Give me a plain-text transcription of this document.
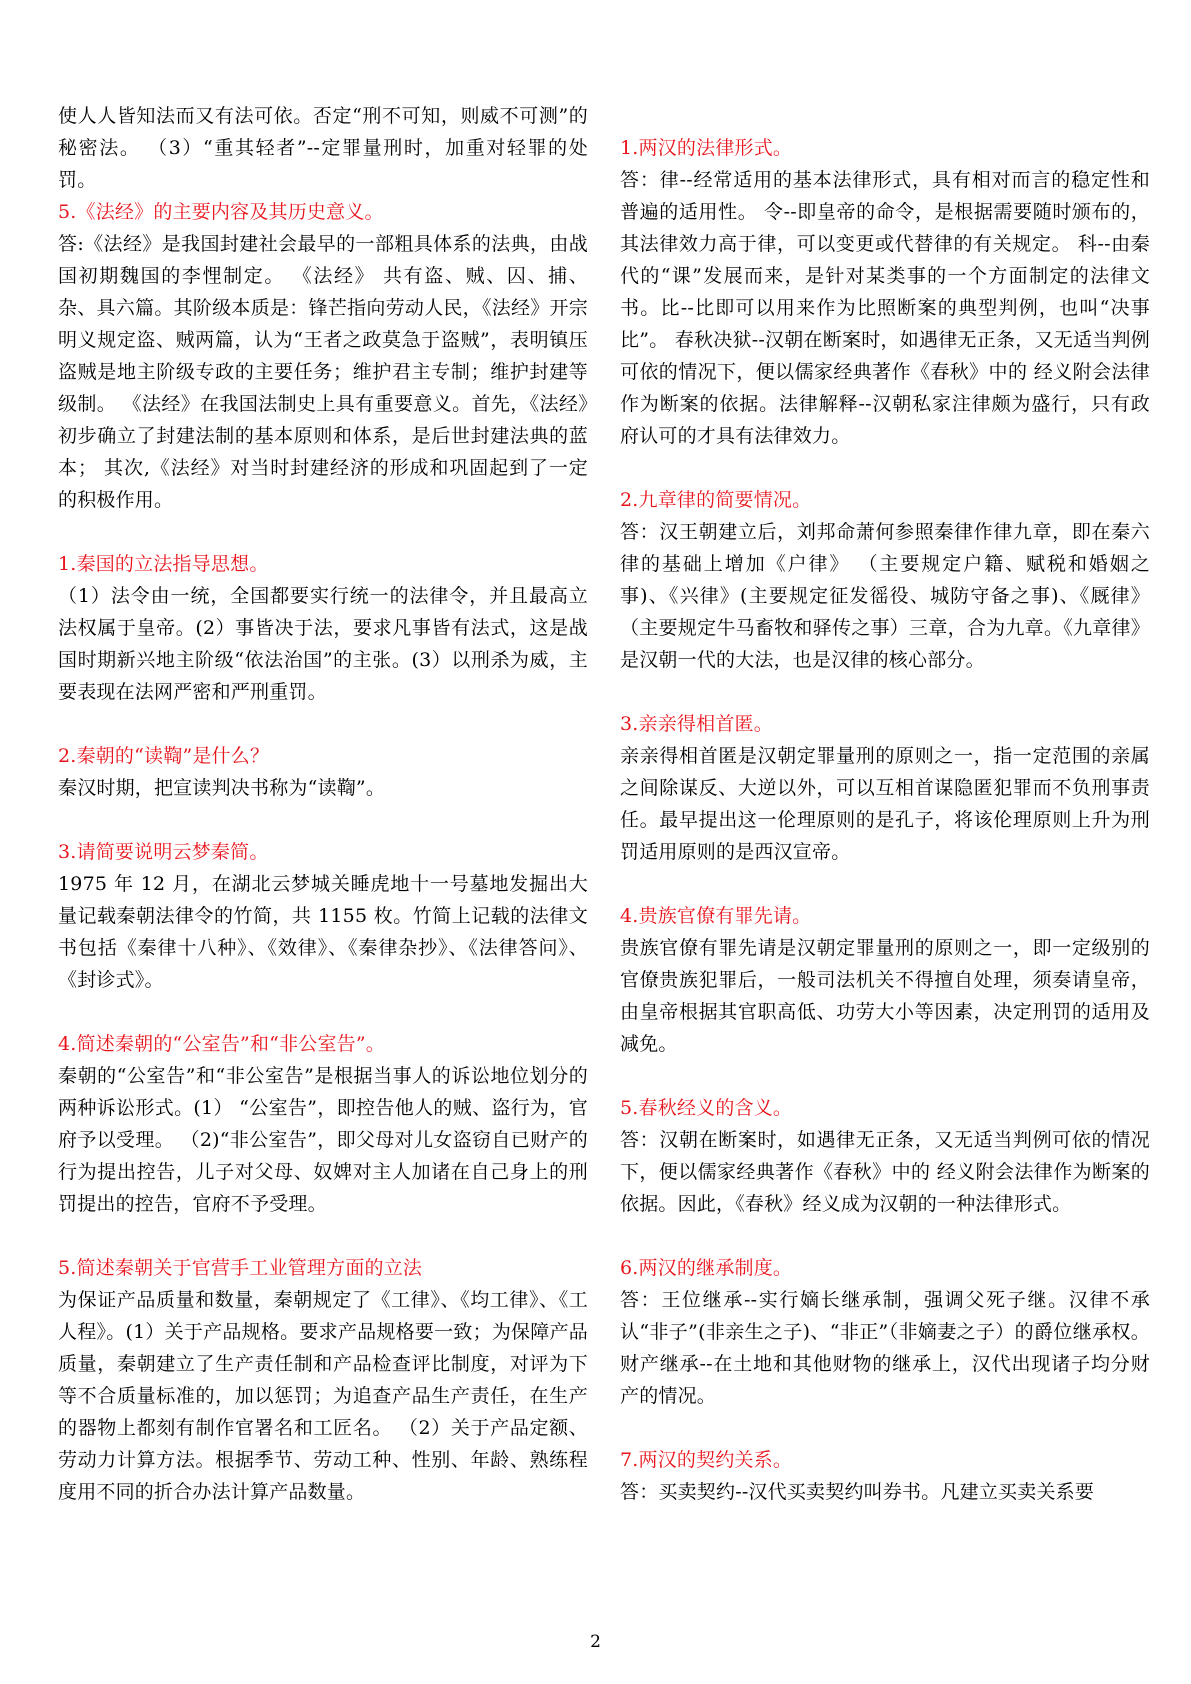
使人人皆知法而又有法可依。否定“刑不可知，则威不可测”的秘密法。 （3）“重其轻者”--定罪量刑时，加重对轻罪的处罚。
5.《法经》的主要内容及其历史意义。
答:《法经》是我国封建社会最早的一部粗具体系的法典，由战国初期魏国的李悝制定。 《法经》 共有盗、贼、囚、捕、杂、具六篇。其阶级本质是：锋芒指向劳动人民，《法经》开宗明义规定盗、贼两篇，认为“王者之政莫急于盗贼”，表明镇压盗贼是地主阶级专政的主要任务；维护君主专制；维护封建等级制。 《法经》在我国法制史上具有重要意义。首先，《法经》初步确立了封建法制的基本原则和体系，是后世封建法典的蓝本； 其次,《法经》对当时封建经济的形成和巩固起到了一定的积极作用。
1.秦国的立法指导思想。
（1）法令由一统，全国都要实行统一的法律令，并且最高立法权属于皇帝。(2）事皆决于法，要求凡事皆有法式，这是战国时期新兴地主阶级“依法治国”的主张。(3）以刑杀为威，主要表现在法网严密和严刑重罚。
2.秦朝的“读鞫”是什么？
秦汉时期，把宣读判决书称为“读鞫”。
3.请简要说明云梦秦简。
1975 年 12 月，在湖北云梦城关睡虎地十一号墓地发掘出大量记载秦朝法律令的竹简，共 1155 枚。竹简上记载的法律文书包括《秦律十八种》、《效律》、《秦律杂抄》、《法律答问》、《封诊式》。
4.简述秦朝的“公室告”和“非公室告”。
秦朝的“公室告”和“非公室告”是根据当事人的诉讼地位划分的两种诉讼形式。(1） “公室告”，即控告他人的贼、盗行为，官府予以受理。 （2)“非公室告”，即父母对儿女盗窃自已财产的行为提出控告，儿子对父母、奴婢对主人加诸在自己身上的刑罚提出的控告，官府不予受理。
5.简述秦朝关于官营手工业管理方面的立法
为保证产品质量和数量，秦朝规定了《工律》、《均工律》、《工人程》。(1）关于产品规格。要求产品规格要一致；为保障产品质量，秦朝建立了生产责任制和产品检查评比制度，对评为下等不合质量标准的，加以惩罚；为追查产品生产责任，在生产的器物上都刻有制作官署名和工匠名。 （2）关于产品定额、劳动力计算方法。根据季节、劳动工种、性别、年龄、熟练程度用不同的折合办法计算产品数量。
1.两汉的法律形式。
答：律--经常适用的基本法律形式，具有相对而言的稳定性和普遍的适用性。 令--即皇帝的命令，是根据需要随时颁布的，其法律效力高于律，可以变更或代替律的有关规定。 科--由秦代的“课”发展而来，是针对某类事的一个方面制定的法律文书。比--比即可以用来作为比照断案的典型判例，也叫“决事比”。 春秋决狱--汉朝在断案时，如遇律无正条，又无适当判例可依的情况下，便以儒家经典著作《春秋》中的 经义附会法律作为断案的依据。法律解释--汉朝私家注律颇为盛行，只有政府认可的才具有法律效力。
2.九章律的简要情况。
答：汉王朝建立后，刘邦命萧何参照秦律作律九章，即在秦六律的基础上增加《户律》 （主要规定户籍、赋税和婚姻之事)、《兴律》(主要规定征发徭役、城防守备之事)、《厩律》（主要规定牛马畜牧和驿传之事）三章，合为九章。《九章律》是汉朝一代的大法，也是汉律的核心部分。
3.亲亲得相首匿。
亲亲得相首匿是汉朝定罪量刑的原则之一，指一定范围的亲属之间除谋反、大逆以外，可以互相首谋隐匿犯罪而不负刑事责任。最早提出这一伦理原则的是孔子，将该伦理原则上升为刑罚适用原则的是西汉宣帝。
4.贵族官僚有罪先请。
贵族官僚有罪先请是汉朝定罪量刑的原则之一，即一定级别的官僚贵族犯罪后，一般司法机关不得擅自处理，须奏请皇帝，由皇帝根据其官职高低、功劳大小等因素，决定刑罚的适用及减免。
5.春秋经义的含义。
答：汉朝在断案时，如遇律无正条，又无适当判例可依的情况下，便以儒家经典著作《春秋》中的 经义附会法律作为断案的依据。因此，《春秋》经义成为汉朝的一种法律形式。
6.两汉的继承制度。
答：王位继承--实行嫡长继承制，强调父死子继。汉律不承认“非子”(非亲生之子)、“非正”（非嫡妻之子）的爵位继承权。 财产继承--在土地和其他财物的继承上，汉代出现诸子均分财产的情况。
7.两汉的契约关系。
答：买卖契约--汉代买卖契约叫券书。凡建立买卖关系要
2
